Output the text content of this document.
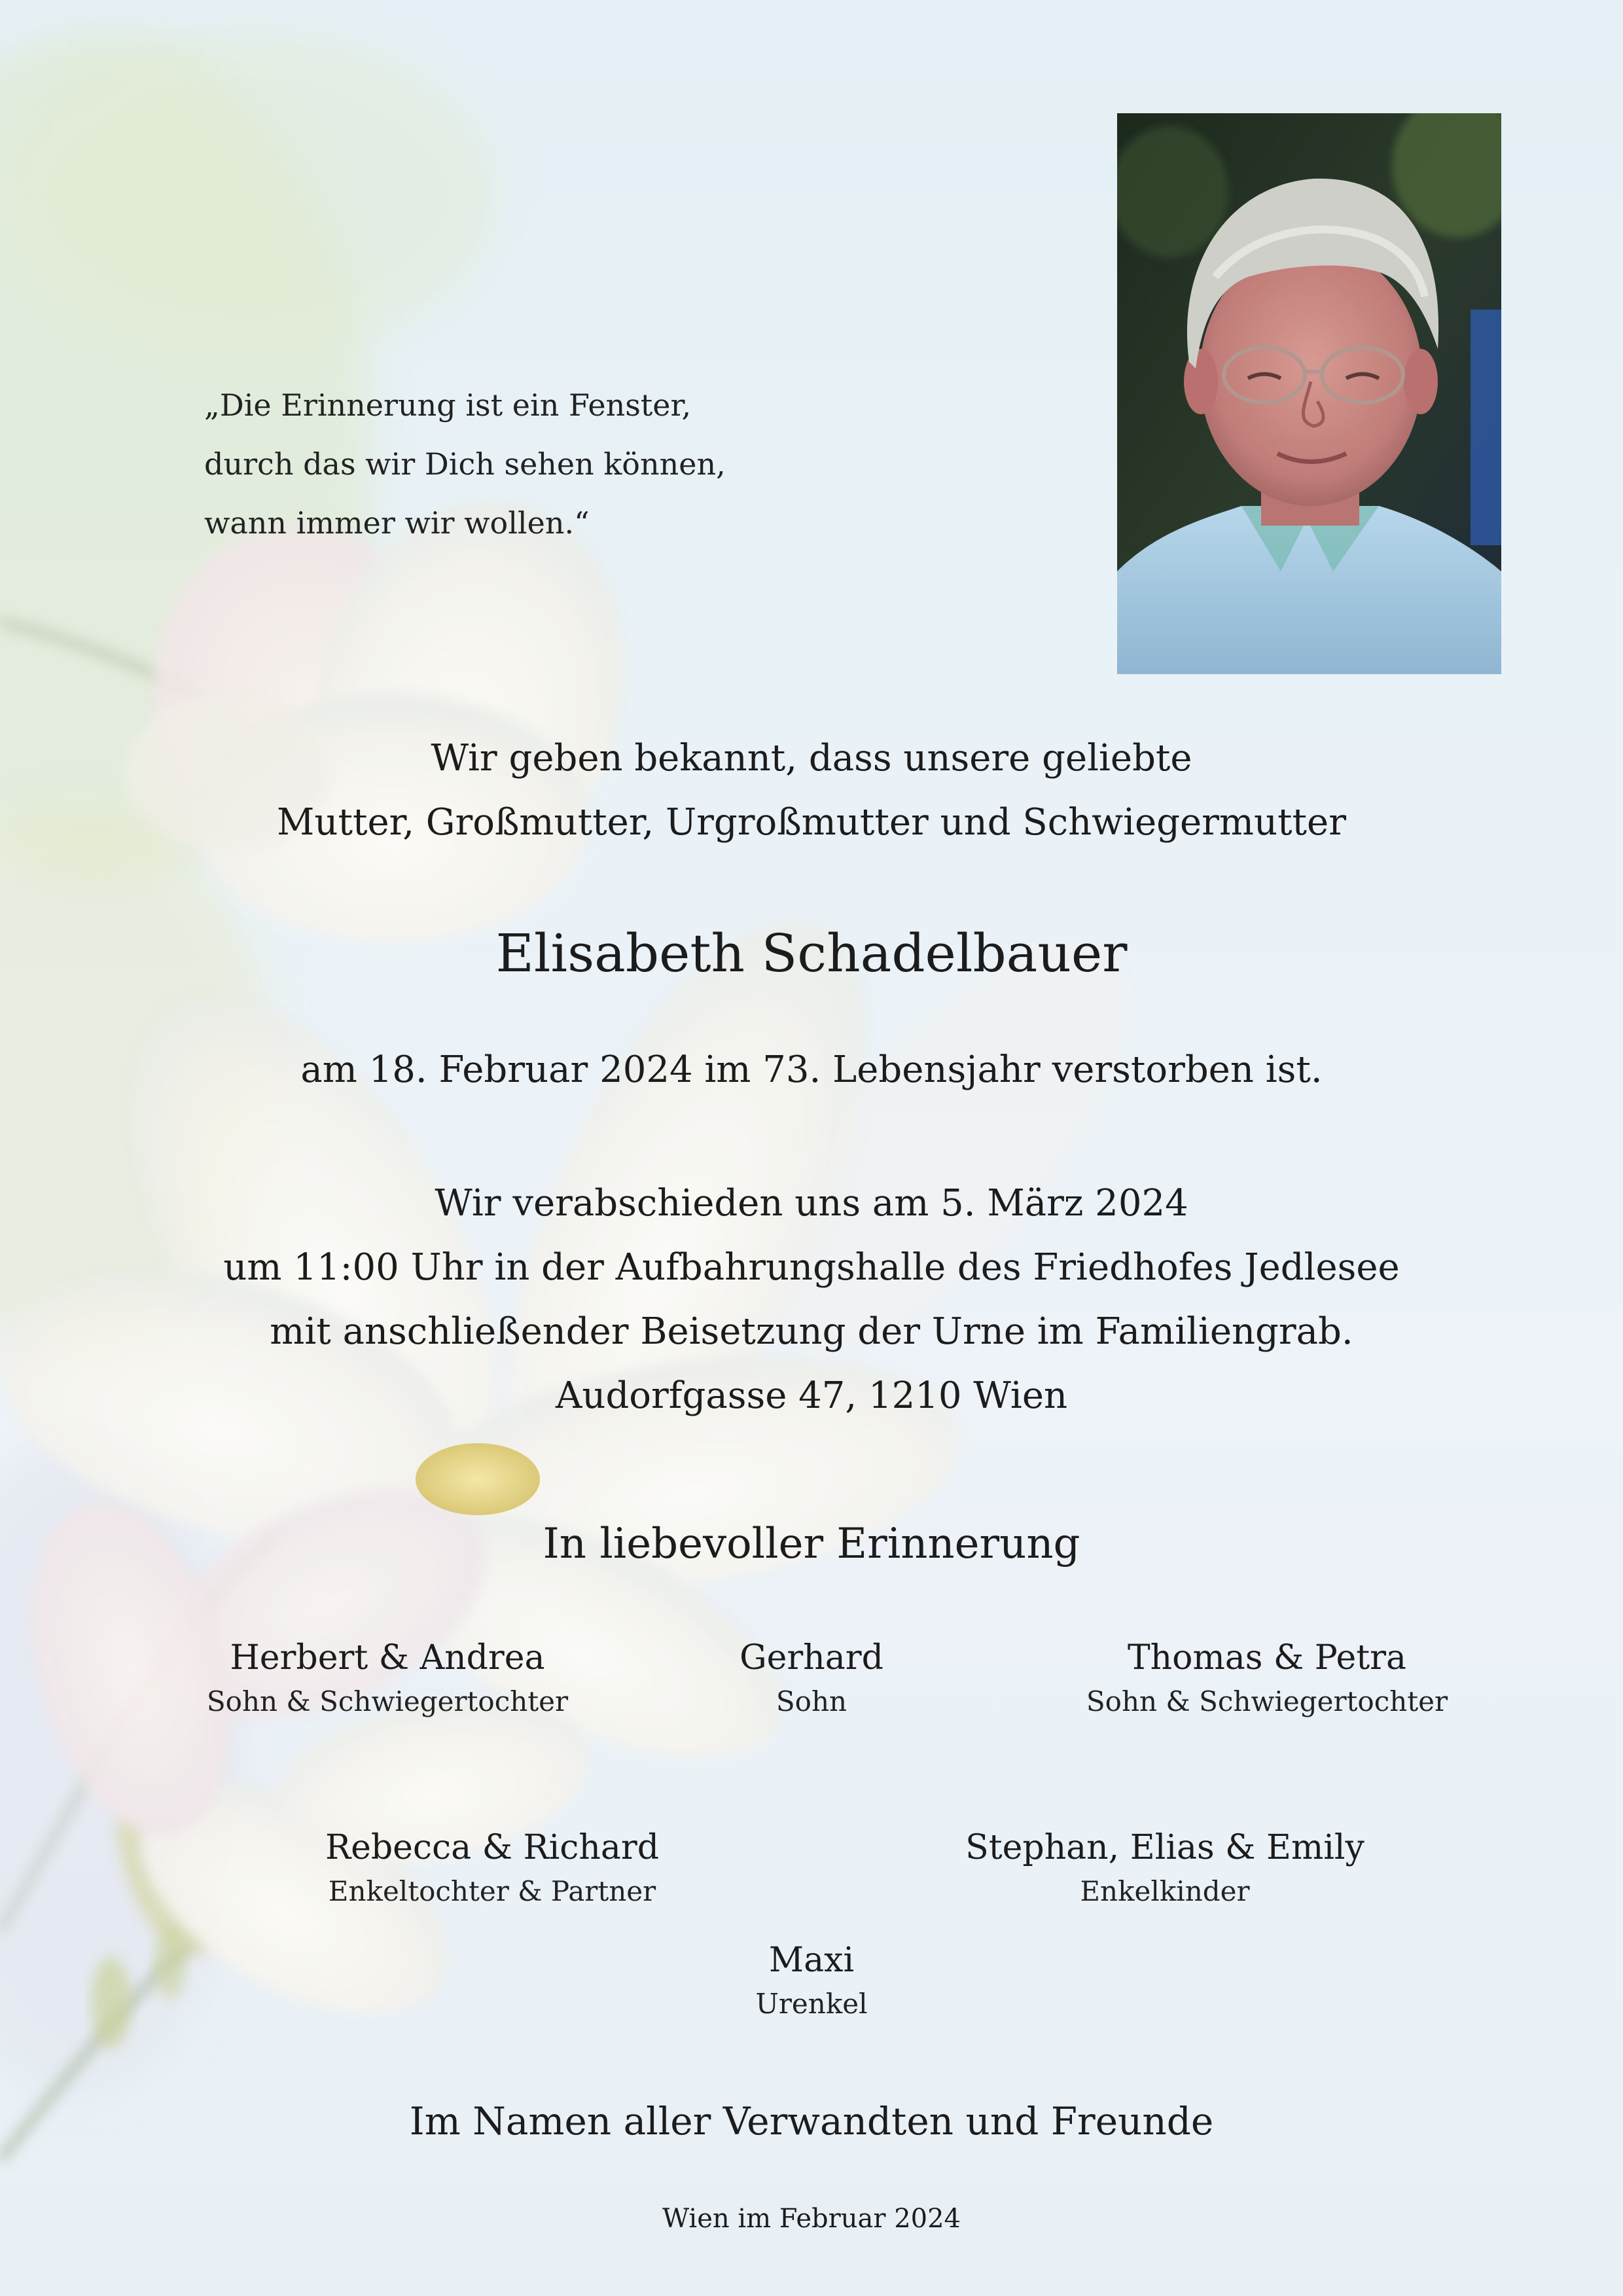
„Die Erinnerung ist ein Fenster,
durch das wir Dich sehen können,
wann immer wir wollen.“
Wir geben bekannt, dass unsere geliebte
Mutter, Großmutter, Urgroßmutter und Schwiegermutter
Elisabeth Schadelbauer
am 18. Februar 2024 im 73. Lebensjahr verstorben ist.
Wir verabschieden uns am 5. März 2024
um 11:00 Uhr in der Aufbahrungshalle des Friedhofes Jedlesee
mit anschließender Beisetzung der Urne im Familiengrab.
Audorfgasse 47, 1210 Wien
In liebevoller Erinnerung
Herbert & Andrea
Sohn & Schwiegertochter
Gerhard
Sohn
Thomas & Petra
Sohn & Schwiegertochter
Rebecca & Richard
Enkeltochter & Partner
Stephan, Elias & Emily
Enkelkinder
Maxi
Urenkel
Im Namen aller Verwandten und Freunde
Wien im Februar 2024
